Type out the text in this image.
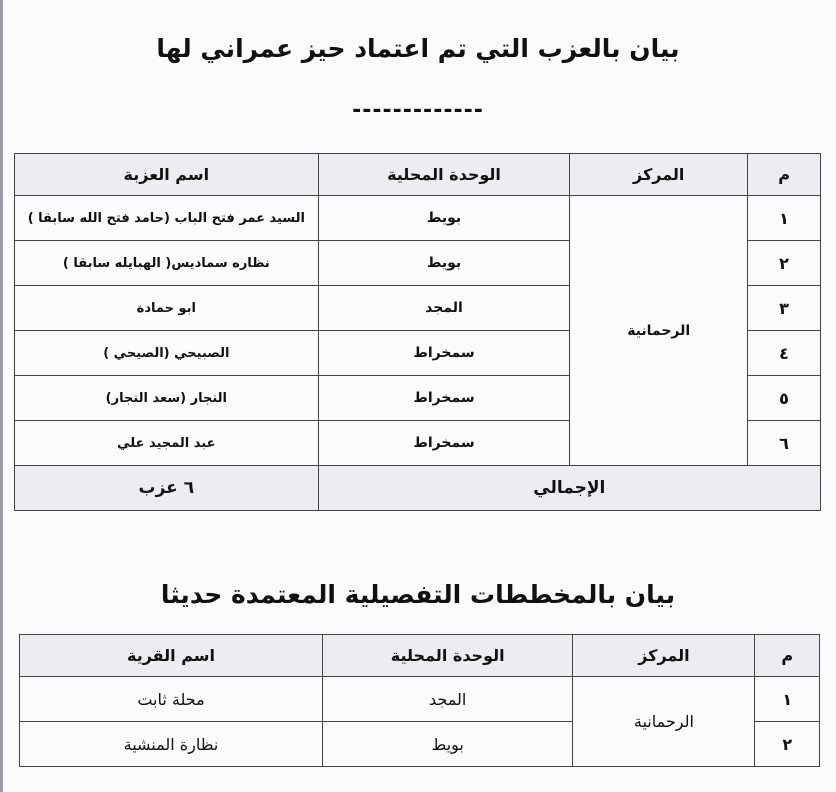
بيان بالعزب التي تم اعتماد حيز عمراني لها
-------------
م	المركز	الوحدة المحلية	اسم العزبة
١	الرحمانية	بويط	السيد عمر فتح الباب (حامد فتح الله سابقا )
٢		بويط	نظاره سماديس( الهبايله سابقا )
٣		المجد	ابو حمادة
٤		سمخراط	الصبيحي (الصيحي )
٥		سمخراط	النجار (سعد النجار)
٦		سمخراط	عبد المجيد علي
الإجمالي			٦ عزب
بيان بالمخططات التفصيلية المعتمدة حديثا
م	المركز	الوحدة المحلية	اسم القرية
١	الرحمانية	المجد	محلة ثابت
٢		بويط	نظارة المنشية
